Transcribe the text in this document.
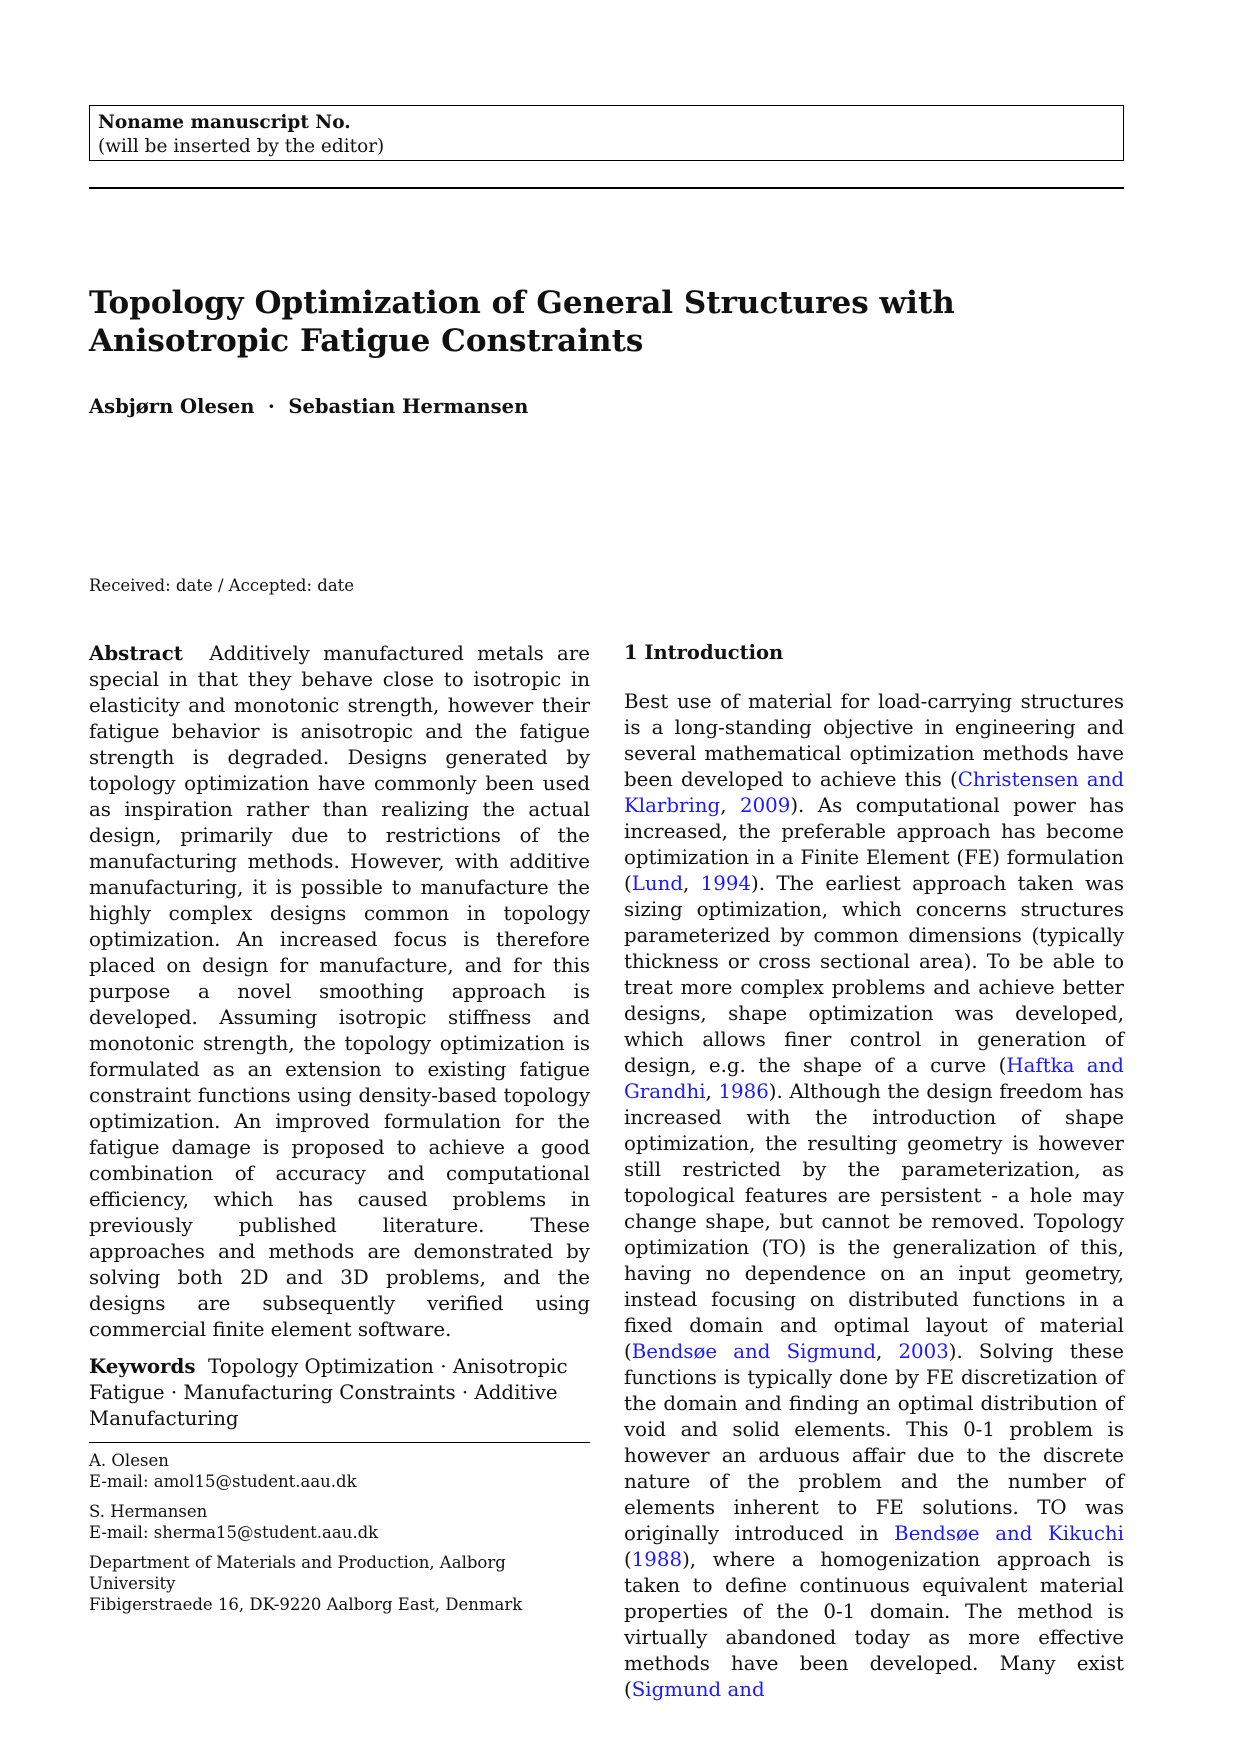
Noname manuscript No.
(will be inserted by the editor)
Topology Optimization of General Structures with Anisotropic Fatigue Constraints
Asbjørn Olesen · Sebastian Hermansen
Received: date / Accepted: date
Abstract Additively manufactured metals are special in that they behave close to isotropic in elasticity and monotonic strength, however their fatigue behavior is anisotropic and the fatigue strength is degraded. Designs generated by topology optimization have commonly been used as inspiration rather than realizing the actual design, primarily due to restrictions of the manufacturing methods. However, with additive manufacturing, it is possible to manufacture the highly complex designs common in topology optimization. An increased focus is therefore placed on design for manufacture, and for this purpose a novel smoothing approach is developed. Assuming isotropic stiffness and monotonic strength, the topology optimization is formulated as an extension to existing fatigue constraint functions using density-based topology optimization. An improved formulation for the fatigue damage is proposed to achieve a good combination of accuracy and computational efficiency, which has caused problems in previously published literature. These approaches and methods are demonstrated by solving both 2D and 3D problems, and the designs are subsequently verified using commercial finite element software.
Keywords Topology Optimization · Anisotropic Fatigue · Manufacturing Constraints · Additive Manufacturing
A. Olesen
E-mail: amol15@student.aau.dk
S. Hermansen
E-mail: sherma15@student.aau.dk
Department of Materials and Production, Aalborg University
Fibigerstraede 16, DK-9220 Aalborg East, Denmark
1 Introduction
Best use of material for load-carrying structures is a long-standing objective in engineering and several mathematical optimization methods have been developed to achieve this (Christensen and Klarbring, 2009). As computational power has increased, the preferable approach has become optimization in a Finite Element (FE) formulation (Lund, 1994). The earliest approach taken was sizing optimization, which concerns structures parameterized by common dimensions (typically thickness or cross sectional area). To be able to treat more complex problems and achieve better designs, shape optimization was developed, which allows finer control in generation of design, e.g. the shape of a curve (Haftka and Grandhi, 1986). Although the design freedom has increased with the introduction of shape optimization, the resulting geometry is however still restricted by the parameterization, as topological features are persistent - a hole may change shape, but cannot be removed. Topology optimization (TO) is the generalization of this, having no dependence on an input geometry, instead focusing on distributed functions in a fixed domain and optimal layout of material (Bendsøe and Sigmund, 2003). Solving these functions is typically done by FE discretization of the domain and finding an optimal distribution of void and solid elements. This 0-1 problem is however an arduous affair due to the discrete nature of the problem and the number of elements inherent to FE solutions. TO was originally introduced in Bendsøe and Kikuchi (1988), where a homogenization approach is taken to define continuous equivalent material properties of the 0-1 domain. The method is virtually abandoned today as more effective methods have been developed. Many exist (Sigmund and
